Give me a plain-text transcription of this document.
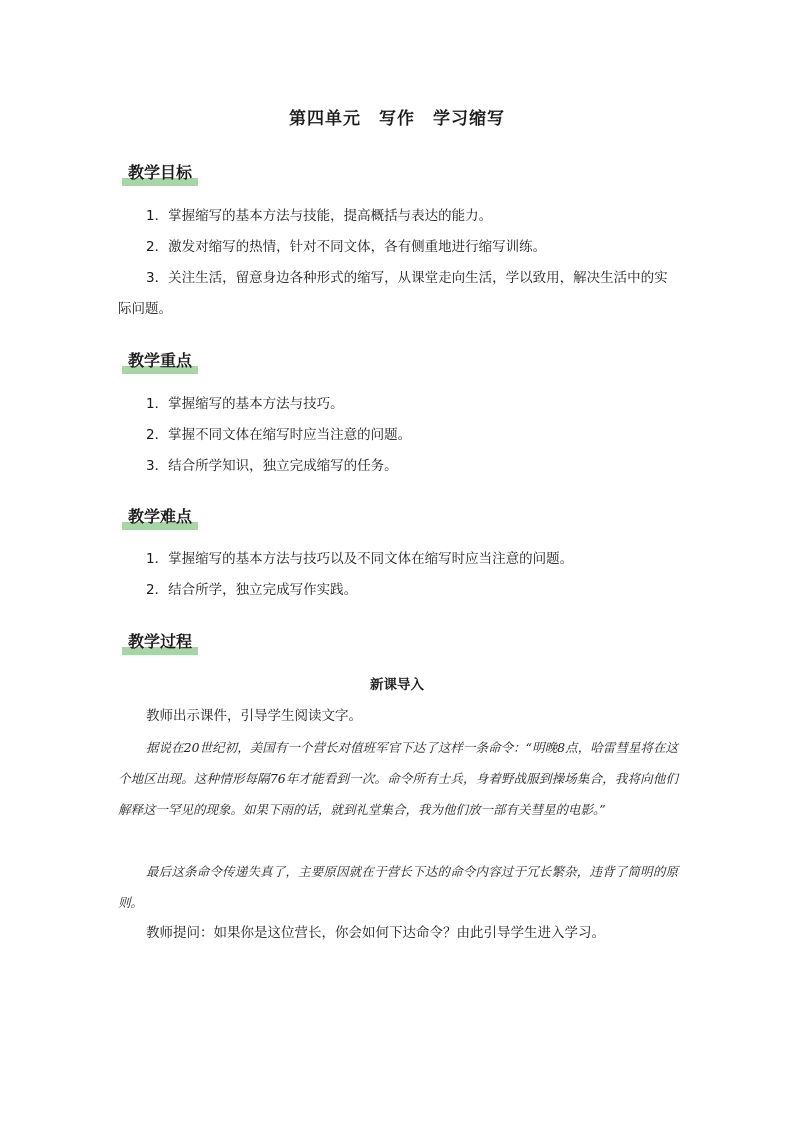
第四单元　写作　学习缩写
教学目标

1．掌握缩写的基本方法与技能，提高概括与表达的能力。

2．激发对缩写的热情，针对不同文体，各有侧重地进行缩写训练。

3．关注生活，留意身边各种形式的缩写，从课堂走向生活，学以致用，解决生活中的实际问题。

教学重点

1．掌握缩写的基本方法与技巧。

2．掌握不同文体在缩写时应当注意的问题。

3．结合所学知识，独立完成缩写的任务。

教学难点

1．掌握缩写的基本方法与技巧以及不同文体在缩写时应当注意的问题。

2．结合所学，独立完成写作实践。

教学过程
新课导入

教师出示课件，引导学生阅读文字。

据说在20世纪初，美国有一个营长对值班军官下达了这样一条命令：“明晚8点，哈雷彗星将在这个地区出现。这种情形每隔76年才能看到一次。命令所有士兵，身着野战服到操场集合，我将向他们解释这一罕见的现象。如果下雨的话，就到礼堂集合，我为他们放一部有关彗星的电影。”

最后这条命令传递失真了，主要原因就在于营长下达的命令内容过于冗长繁杂，违背了简明的原则。

教师提问：如果你是这位营长，你会如何下达命令？由此引导学生进入学习。
